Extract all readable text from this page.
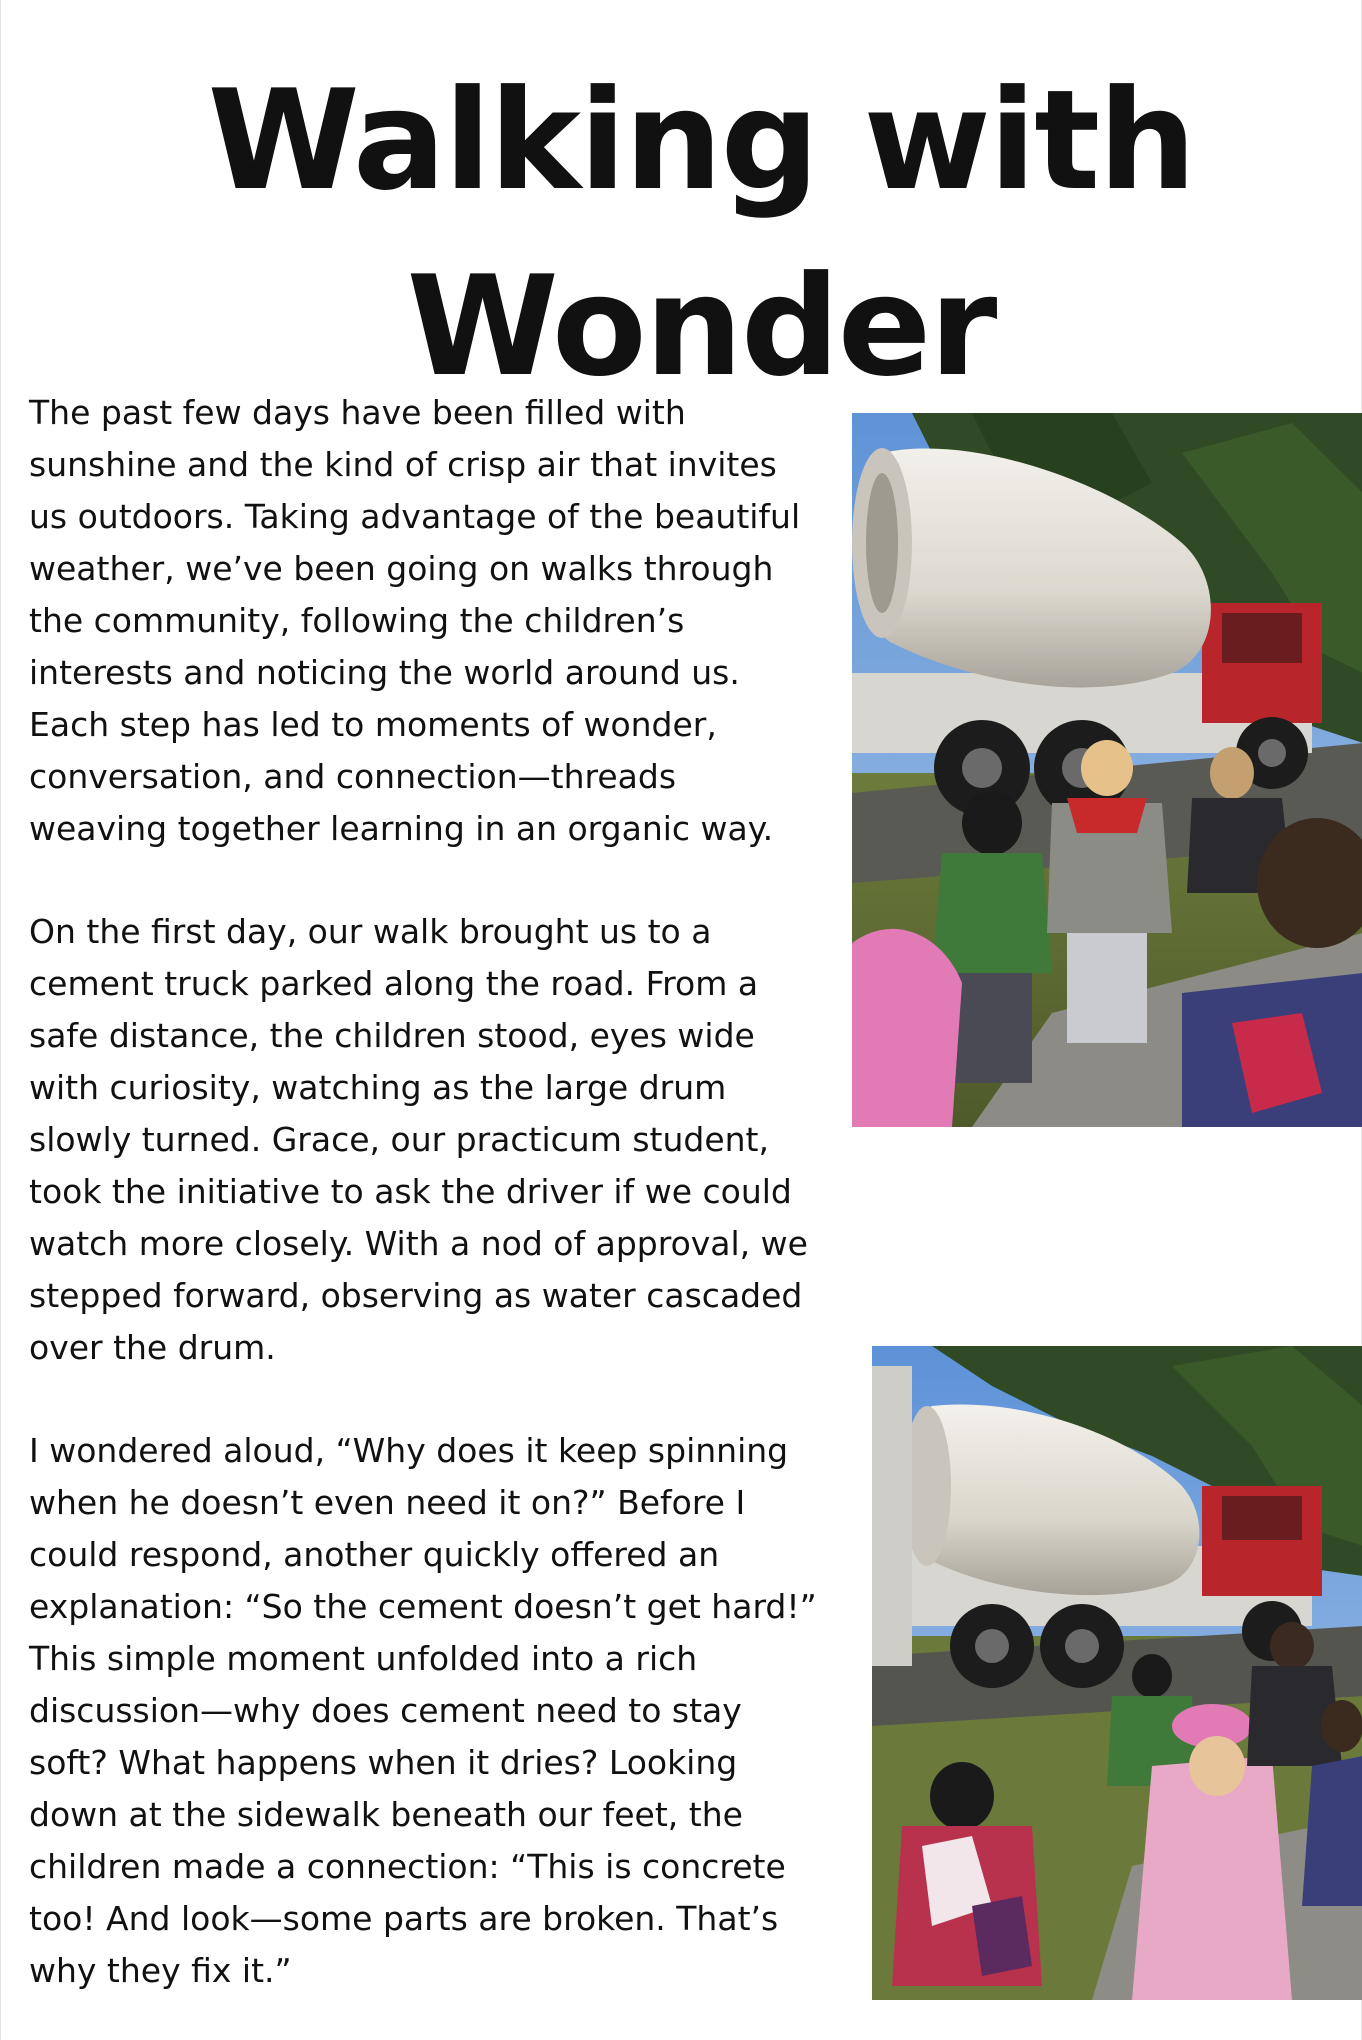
Walking with
Wonder

The past few days have been filled with
sunshine and the kind of crisp air that invites
us outdoors. Taking advantage of the beautiful
weather, we’ve been going on walks through
the community, following the children’s
interests and noticing the world around us.
Each step has led to moments of wonder,
conversation, and connection—threads
weaving together learning in an organic way.

On the first day, our walk brought us to a
cement truck parked along the road. From a
safe distance, the children stood, eyes wide
with curiosity, watching as the large drum
slowly turned. Grace, our practicum student,
took the initiative to ask the driver if we could
watch more closely. With a nod of approval, we
stepped forward, observing as water cascaded
over the drum.

I wondered aloud, “Why does it keep spinning
when he doesn’t even need it on?” Before I
could respond, another quickly offered an
explanation: “So the cement doesn’t get hard!”
This simple moment unfolded into a rich
discussion—why does cement need to stay
soft? What happens when it dries? Looking
down at the sidewalk beneath our feet, the
children made a connection: “This is concrete
too! And look—some parts are broken. That’s
why they fix it.”
